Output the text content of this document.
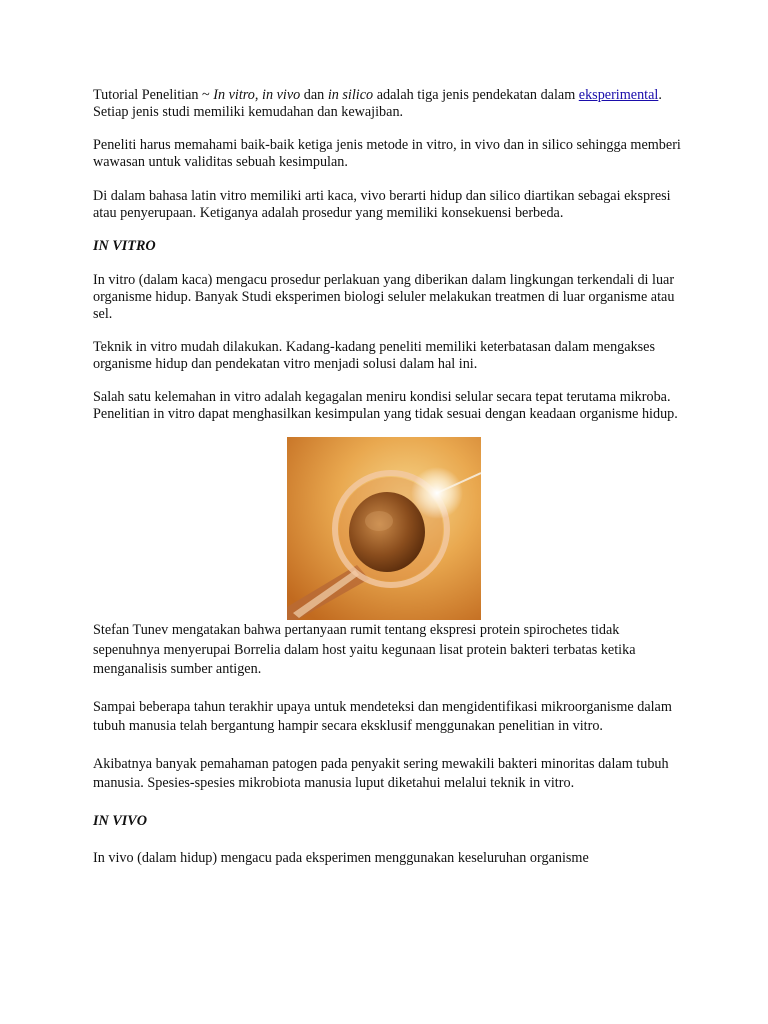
Tutorial Penelitian ~ In vitro, in vivo dan in silico adalah tiga jenis pendekatan dalam eksperimental. Setiap jenis studi memiliki kemudahan dan kewajiban.

Peneliti harus memahami baik-baik ketiga jenis metode in vitro, in vivo dan in silico sehingga memberi wawasan untuk validitas sebuah kesimpulan.

Di dalam bahasa latin vitro memiliki arti kaca, vivo berarti hidup dan silico diartikan sebagai ekspresi atau penyerupaan. Ketiganya adalah prosedur yang memiliki konsekuensi berbeda.

IN VITRO

In vitro (dalam kaca) mengacu prosedur perlakuan yang diberikan dalam lingkungan terkendali di luar organisme hidup. Banyak Studi eksperimen biologi seluler melakukan treatmen di luar organisme atau sel.

Teknik in vitro mudah dilakukan. Kadang-kadang peneliti memiliki keterbatasan dalam mengakses organisme hidup dan pendekatan vitro menjadi solusi dalam hal ini.

Salah satu kelemahan in vitro adalah kegagalan meniru kondisi selular secara tepat terutama mikroba. Penelitian in vitro dapat menghasilkan kesimpulan yang tidak sesuai dengan keadaan organisme hidup.

Stefan Tunev mengatakan bahwa pertanyaan rumit tentang ekspresi protein spirochetes tidak sepenuhnya menyerupai Borrelia dalam host yaitu kegunaan lisat protein bakteri terbatas ketika menganalisis sumber antigen.

Sampai beberapa tahun terakhir upaya untuk mendeteksi dan mengidentifikasi mikroorganisme dalam tubuh manusia telah bergantung hampir secara eksklusif menggunakan penelitian in vitro.

Akibatnya banyak pemahaman patogen pada penyakit sering mewakili bakteri minoritas dalam tubuh manusia. Spesies-spesies mikrobiota manusia luput diketahui melalui teknik in vitro.

IN VIVO

In vivo (dalam hidup) mengacu pada eksperimen menggunakan keseluruhan organisme
